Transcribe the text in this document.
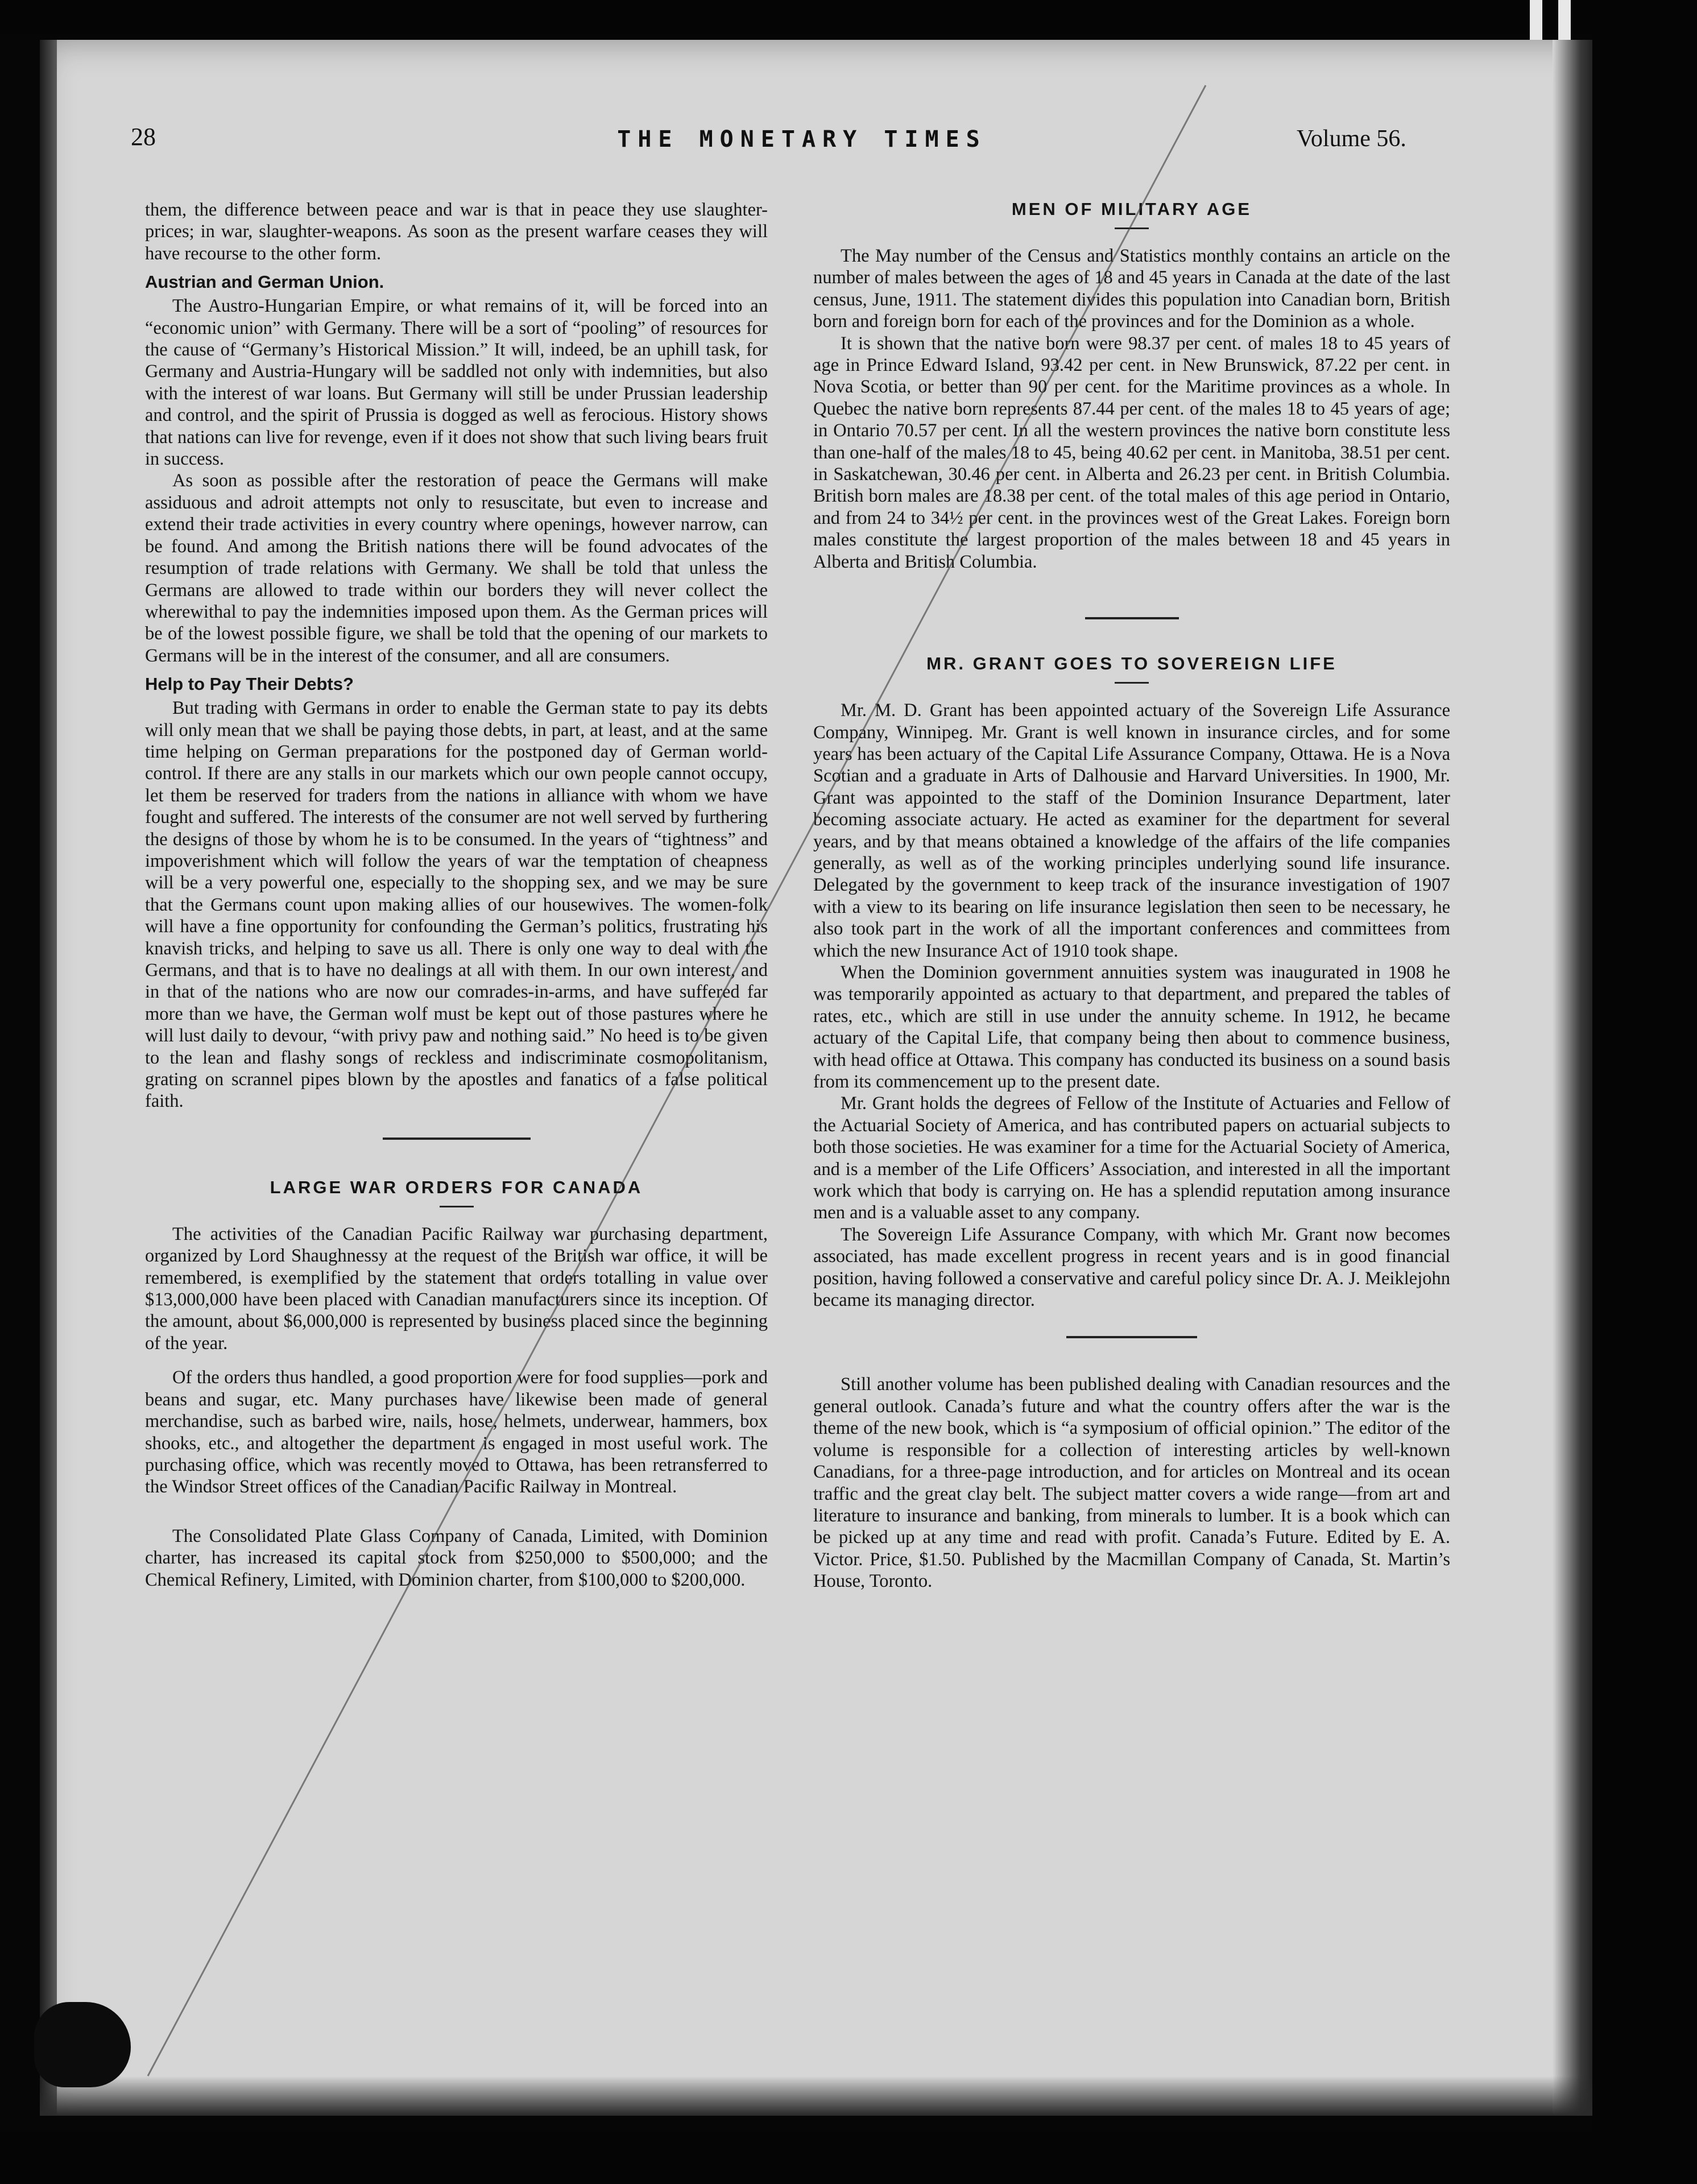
28	THE MONETARY TIMES	Volume 56.

them, the difference between peace and war is that in peace they use slaughter-prices; in war, slaughter-weapons. As soon as the present warfare ceases they will have recourse to the other form.

Austrian and German Union.

The Austro-Hungarian Empire, or what remains of it, will be forced into an “economic union” with Germany. There will be a sort of “pooling” of resources for the cause of “Germany’s Historical Mission.” It will, indeed, be an uphill task, for Germany and Austria-Hungary will be saddled not only with indemnities, but also with the interest of war loans. But Germany will still be under Prussian leadership and control, and the spirit of Prussia is dogged as well as ferocious. History shows that nations can live for revenge, even if it does not show that such living bears fruit in success.

As soon as possible after the restoration of peace the Germans will make assiduous and adroit attempts not only to resuscitate, but even to increase and extend their trade activities in every country where openings, however narrow, can be found. And among the British nations there will be found advocates of the resumption of trade relations with Germany. We shall be told that unless the Germans are allowed to trade within our borders they will never collect the wherewithal to pay the indemnities imposed upon them. As the German prices will be of the lowest possible figure, we shall be told that the opening of our markets to Germans will be in the interest of the consumer, and all are consumers.

Help to Pay Their Debts?

But trading with Germans in order to enable the German state to pay its debts will only mean that we shall be paying those debts, in part, at least, and at the same time helping on German preparations for the postponed day of German world-control. If there are any stalls in our markets which our own people cannot occupy, let them be reserved for traders from the nations in alliance with whom we have fought and suffered. The interests of the consumer are not well served by furthering the designs of those by whom he is to be consumed. In the years of “tightness” and impoverishment which will follow the years of war the temptation of cheapness will be a very powerful one, especially to the shopping sex, and we may be sure that the Germans count upon making allies of our housewives. The women-folk will have a fine opportunity for confounding the German’s politics, frustrating his knavish tricks, and helping to save us all. There is only one way to deal with the Germans, and that is to have no dealings at all with them. In our own interest, and in that of the nations who are now our comrades-in-arms, and have suffered far more than we have, the German wolf must be kept out of those pastures where he will lust daily to devour, “with privy paw and nothing said.” No heed is to be given to the lean and flashy songs of reckless and indiscriminate cosmopolitanism, grating on scrannel pipes blown by the apostles and fanatics of a false political faith.

LARGE WAR ORDERS FOR CANADA

The activities of the Canadian Pacific Railway war purchasing department, organized by Lord Shaughnessy at the request of the British war office, it will be remembered, is exemplified by the statement that orders totalling in value over $13,000,000 have been placed with Canadian manufacturers since its inception. Of the amount, about $6,000,000 is represented by business placed since the beginning of the year.

Of the orders thus handled, a good proportion were for food supplies—pork and beans and sugar, etc. Many purchases have likewise been made of general merchandise, such as barbed wire, nails, hose, helmets, underwear, hammers, box shooks, etc., and altogether the department is engaged in most useful work. The purchasing office, which was recently moved to Ottawa, has been retransferred to the Windsor Street offices of the Canadian Pacific Railway in Montreal.

The Consolidated Plate Glass Company of Canada, Limited, with Dominion charter, has increased its capital stock from $250,000 to $500,000; and the Chemical Refinery, Limited, with Dominion charter, from $100,000 to $200,000.

MEN OF MILITARY AGE

The May number of the Census and Statistics monthly contains an article on the number of males between the ages of 18 and 45 years in Canada at the date of the last census, June, 1911. The statement divides this population into Canadian born, British born and foreign born for each of the provinces and for the Dominion as a whole.

It is shown that the native born were 98.37 per cent. of males 18 to 45 years of age in Prince Edward Island, 93.42 per cent. in New Brunswick, 87.22 per cent. in Nova Scotia, or better than 90 per cent. for the Maritime provinces as a whole. In Quebec the native born represents 87.44 per cent. of the males 18 to 45 years of age; in Ontario 70.57 per cent. In all the western provinces the native born constitute less than one-half of the males 18 to 45, being 40.62 per cent. in Manitoba, 38.51 per cent. in Saskatchewan, 30.46 per cent. in Alberta and 26.23 per cent. in British Columbia. British born males are 18.38 per cent. of the total males of this age period in Ontario, and from 24 to 34½ per cent. in the provinces west of the Great Lakes. Foreign born males constitute the largest proportion of the males between 18 and 45 years in Alberta and British Columbia.

MR. GRANT GOES TO SOVEREIGN LIFE

Mr. M. D. Grant has been appointed actuary of the Sovereign Life Assurance Company, Winnipeg. Mr. Grant is well known in insurance circles, and for some years has been actuary of the Capital Life Assurance Company, Ottawa. He is a Nova Scotian and a graduate in Arts of Dalhousie and Harvard Universities. In 1900, Mr. Grant was appointed to the staff of the Dominion Insurance Department, later becoming associate actuary. He acted as examiner for the department for several years, and by that means obtained a knowledge of the affairs of the life companies generally, as well as of the working principles underlying sound life insurance. Delegated by the government to keep track of the insurance investigation of 1907 with a view to its bearing on life insurance legislation then seen to be necessary, he also took part in the work of all the important conferences and committees from which the new Insurance Act of 1910 took shape.

When the Dominion government annuities system was inaugurated in 1908 he was temporarily appointed as actuary to that department, and prepared the tables of rates, etc., which are still in use under the annuity scheme. In 1912, he became actuary of the Capital Life, that company being then about to commence business, with head office at Ottawa. This company has conducted its business on a sound basis from its commencement up to the present date.

Mr. Grant holds the degrees of Fellow of the Institute of Actuaries and Fellow of the Actuarial Society of America, and has contributed papers on actuarial subjects to both those societies. He was examiner for a time for the Actuarial Society of America, and is a member of the Life Officers’ Association, and interested in all the important work which that body is carrying on. He has a splendid reputation among insurance men and is a valuable asset to any company.

The Sovereign Life Assurance Company, with which Mr. Grant now becomes associated, has made excellent progress in recent years and is in good financial position, having followed a conservative and careful policy since Dr. A. J. Meiklejohn became its managing director.

Still another volume has been published dealing with Canadian resources and the general outlook. Canada’s future and what the country offers after the war is the theme of the new book, which is “a symposium of official opinion.” The editor of the volume is responsible for a collection of interesting articles by well-known Canadians, for a three-page introduction, and for articles on Montreal and its ocean traffic and the great clay belt. The subject matter covers a wide range—from art and literature to insurance and banking, from minerals to lumber. It is a book which can be picked up at any time and read with profit. Canada’s Future. Edited by E. A. Victor. Price, $1.50. Published by the Macmillan Company of Canada, St. Martin’s House, Toronto.
